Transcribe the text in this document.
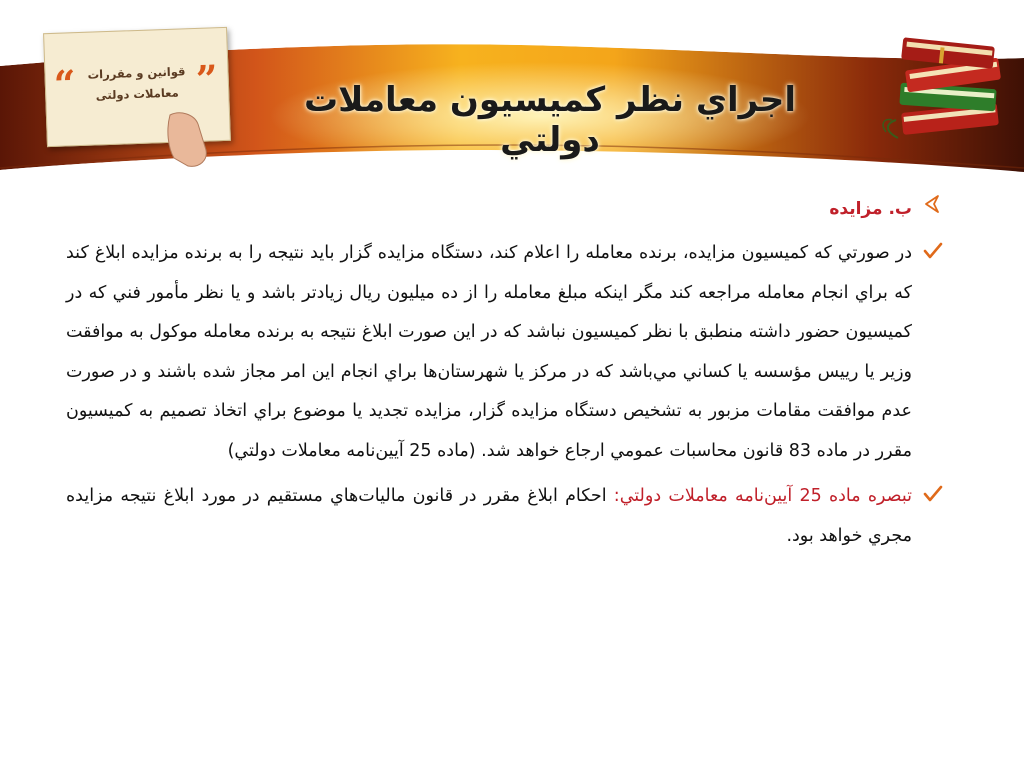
“	”
قوانين و مقررات
معاملات دولتی	اجراي نظر كميسيون معاملات دولتي
ب. مزايده
در صورتي كه كميسيون مزايده، برنده معامله را اعلام كند، دستگاه مزايده گزار بايد نتيجه را به برنده مزايده ابلاغ كند كه براي انجام معامله مراجعه كند مگر اينكه مبلغ معامله را از ده ميليون ريال زيادتر باشد و يا نظر مأمور فني كه در كميسيون حضور داشته منطبق با نظر كميسيون نباشد كه در اين صورت ابلاغ نتيجه به برنده معامله موكول به موافقت وزير يا رييس مؤسسه يا كساني مي‌باشد كه در مركز يا شهرستان‌ها براي انجام اين امر مجاز شده باشند و در صورت عدم موافقت مقامات مزبور به تشخيص دستگاه مزايده گزار، مزايده تجديد يا موضوع براي اتخاذ تصميم به كميسيون مقرر در ماده 83 قانون محاسبات عمومي ارجاع خواهد شد. (ماده 25 آيين‌نامه معاملات دولتي)
تبصره ماده 25 آيين‌نامه معاملات دولتي: احكام ابلاغ مقرر در قانون ماليات‌هاي مستقيم در مورد ابلاغ نتيجه مزايده مجري خواهد بود.
